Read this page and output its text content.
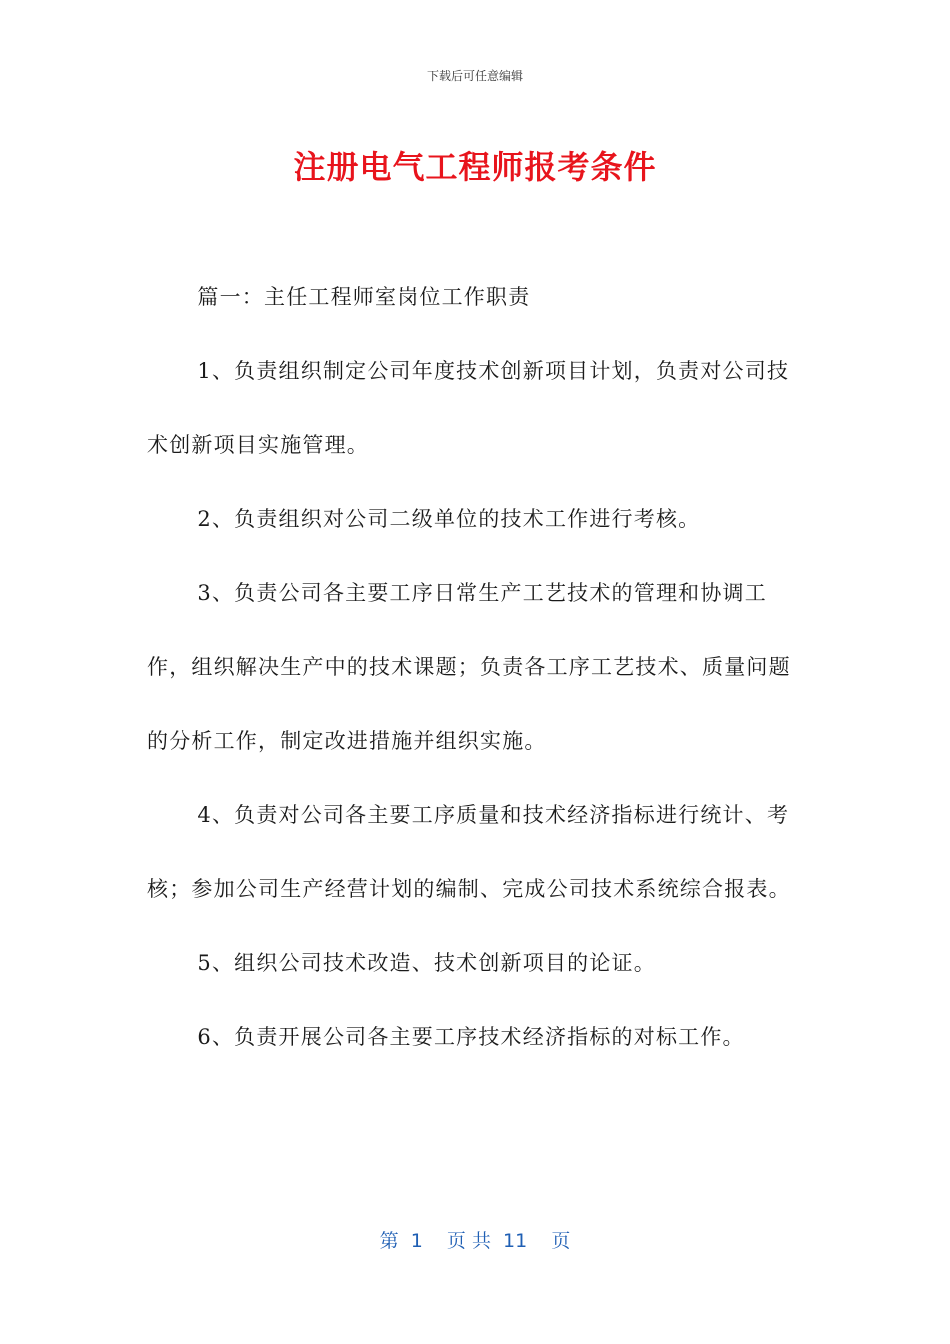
下载后可任意编辑
注册电气工程师报考条件

篇一：主任工程师室岗位工作职责

1、负责组织制定公司年度技术创新项目计划，负责对公司技术创新项目实施管理。

2、负责组织对公司二级单位的技术工作进行考核。

3、负责公司各主要工序日常生产工艺技术的管理和协调工作，组织解决生产中的技术课题；负责各工序工艺技术、质量问题的分析工作，制定改进措施并组织实施。

4、负责对公司各主要工序质量和技术经济指标进行统计、考核；参加公司生产经营计划的编制、完成公司技术系统综合报表。

5、组织公司技术改造、技术创新项目的论证。

6、负责开展公司各主要工序技术经济指标的对标工作。

第  1    页 共  11    页
